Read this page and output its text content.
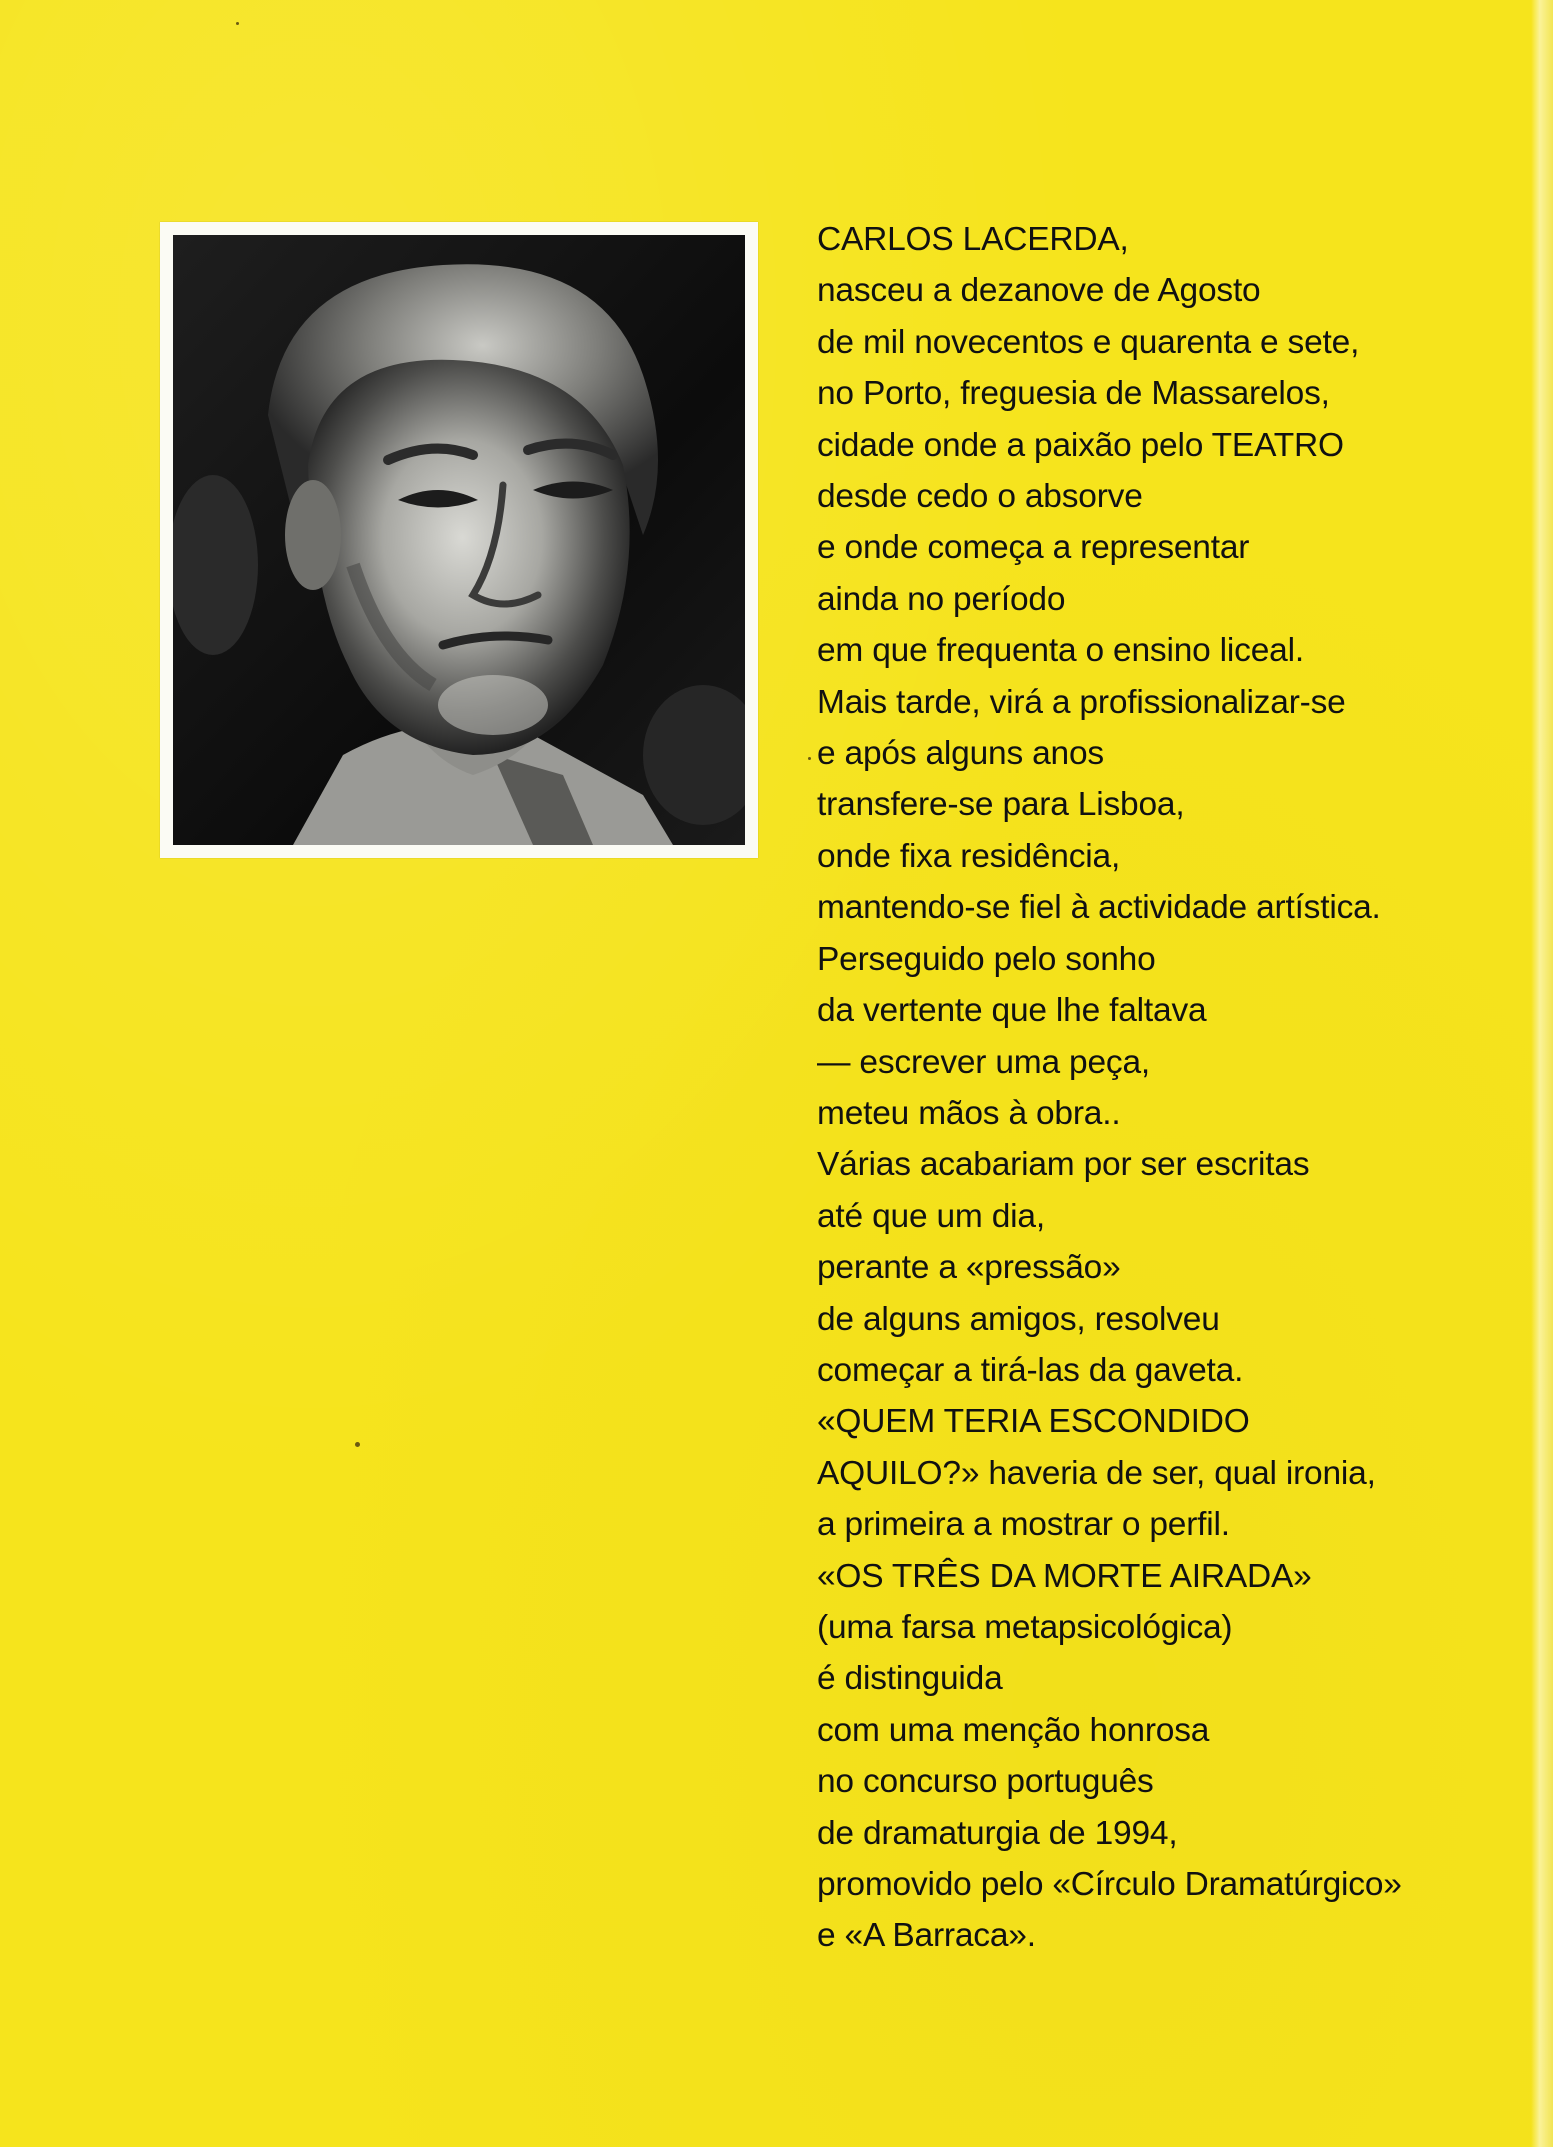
CARLOS LACERDA,
nasceu a dezanove de Agosto
de mil novecentos e quarenta e sete,
no Porto, freguesia de Massarelos,
cidade onde a paixão pelo TEATRO
desde cedo o absorve
e onde começa a representar
ainda no período
em que frequenta o ensino liceal.
Mais tarde, virá a profissionalizar-se
e após alguns anos
transfere-se para Lisboa,
onde fixa residência,
mantendo-se fiel à actividade artística.
Perseguido pelo sonho
da vertente que lhe faltava
— escrever uma peça,
meteu mãos à obra..
Várias acabariam por ser escritas
até que um dia,
perante a «pressão»
de alguns amigos, resolveu
começar a tirá-las da gaveta.
«QUEM TERIA ESCONDIDO
AQUILO?» haveria de ser, qual ironia,
a primeira a mostrar o perfil.
«OS TRÊS DA MORTE AIRADA»
(uma farsa metapsicológica)
é distinguida
com uma menção honrosa
no concurso português
de dramaturgia de 1994,
promovido pelo «Círculo Dramatúrgico»
e «A Barraca».
